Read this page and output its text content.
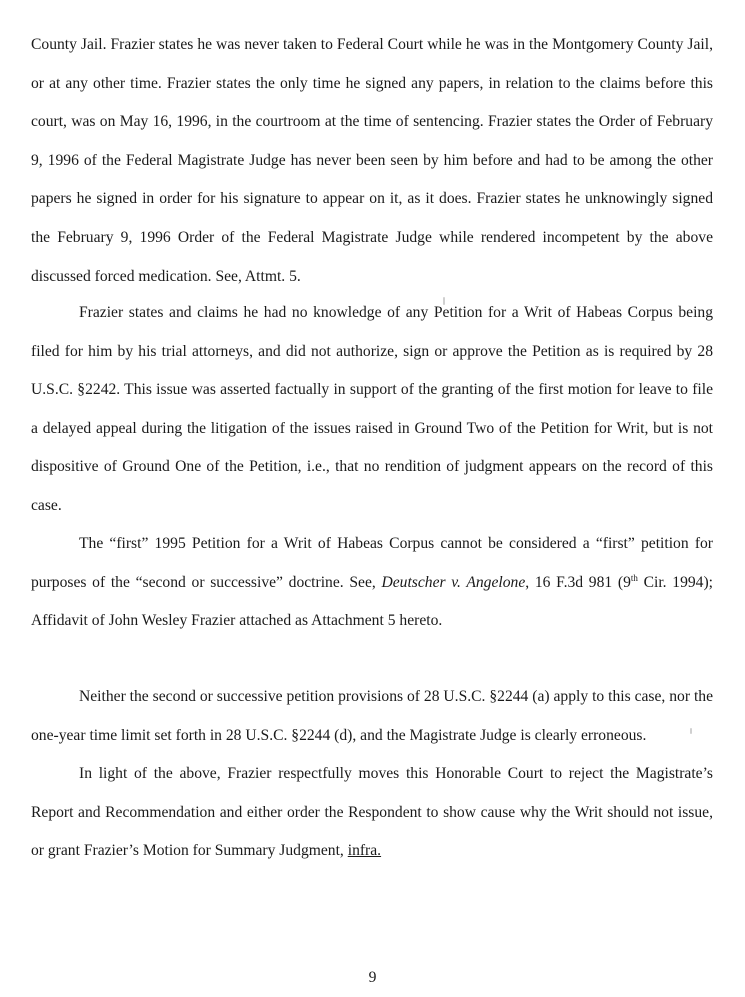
County Jail. Frazier states he was never taken to Federal Court while he was in the Montgomery County Jail, or at any other time. Frazier states the only time he signed any papers, in relation to the claims before this court, was on May 16, 1996, in the courtroom at the time of sentencing. Frazier states the Order of February 9, 1996 of the Federal Magistrate Judge has never been seen by him before and had to be among the other papers he signed in order for his signature to appear on it, as it does. Frazier states he unknowingly signed the February 9, 1996 Order of the Federal Magistrate Judge while rendered incompetent by the above discussed forced medication. See, Attmt. 5.

Frazier states and claims he had no knowledge of any Petition for a Writ of Habeas Corpus being filed for him by his trial attorneys, and did not authorize, sign or approve the Petition as is required by 28 U.S.C. §2242. This issue was asserted factually in support of the granting of the first motion for leave to file a delayed appeal during the litigation of the issues raised in Ground Two of the Petition for Writ, but is not dispositive of Ground One of the Petition, i.e., that no rendition of judgment appears on the record of this case.

The “first” 1995 Petition for a Writ of Habeas Corpus cannot be considered a “first” petition for purposes of the “second or successive” doctrine. See, Deutscher v. Angelone, 16 F.3d 981 (9th Cir. 1994); Affidavit of John Wesley Frazier attached as Attachment 5 hereto.

Neither the second or successive petition provisions of 28 U.S.C. §2244 (a) apply to this case, nor the one-year time limit set forth in 28 U.S.C. §2244 (d), and the Magistrate Judge is clearly erroneous.

In light of the above, Frazier respectfully moves this Honorable Court to reject the Magistrate’s Report and Recommendation and either order the Respondent to show cause why the Writ should not issue, or grant Frazier’s Motion for Summary Judgment, infra.

9
